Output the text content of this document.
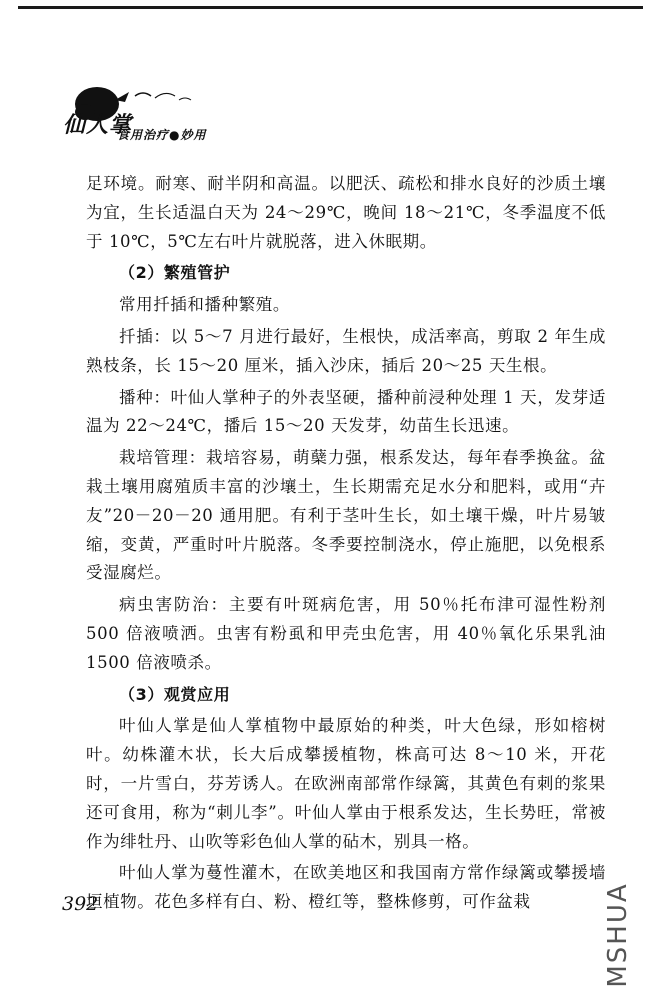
仙人掌
食用治疗●妙用

足环境。耐寒、耐半阴和高温。以肥沃、疏松和排水良好的沙质土壤为宜，生长适温白天为 24～29℃，晚间 18～21℃，冬季温度不低于 10℃，5℃左右叶片就脱落，进入休眠期。

（2）繁殖管护

常用扦插和播种繁殖。

扦插：以 5～7 月进行最好，生根快，成活率高，剪取 2 年生成熟枝条，长 15～20 厘米，插入沙床，插后 20～25 天生根。

播种：叶仙人掌种子的外表坚硬，播种前浸种处理 1 天，发芽适温为 22～24℃，播后 15～20 天发芽，幼苗生长迅速。

栽培管理：栽培容易，萌蘖力强，根系发达，每年春季换盆。盆栽土壤用腐殖质丰富的沙壤土，生长期需充足水分和肥料，或用“卉友”20－20－20 通用肥。有利于茎叶生长，如土壤干燥，叶片易皱缩，变黄，严重时叶片脱落。冬季要控制浇水，停止施肥，以免根系受湿腐烂。

病虫害防治：主要有叶斑病危害，用 50％托布津可湿性粉剂 500 倍液喷洒。虫害有粉虱和甲壳虫危害，用 40％氧化乐果乳油 1500 倍液喷杀。

（3）观赏应用

叶仙人掌是仙人掌植物中最原始的种类，叶大色绿，形如榕树叶。幼株灌木状，长大后成攀援植物，株高可达 8～10 米，开花时，一片雪白，芬芳诱人。在欧洲南部常作绿篱，其黄色有刺的浆果还可食用，称为“刺儿李”。叶仙人掌由于根系发达，生长势旺，常被作为绯牡丹、山吹等彩色仙人掌的砧木，别具一格。

叶仙人掌为蔓性灌木，在欧美地区和我国南方常作绿篱或攀援墙垣植物。花色多样有白、粉、橙红等，整株修剪，可作盆栽

392	MSHUA
